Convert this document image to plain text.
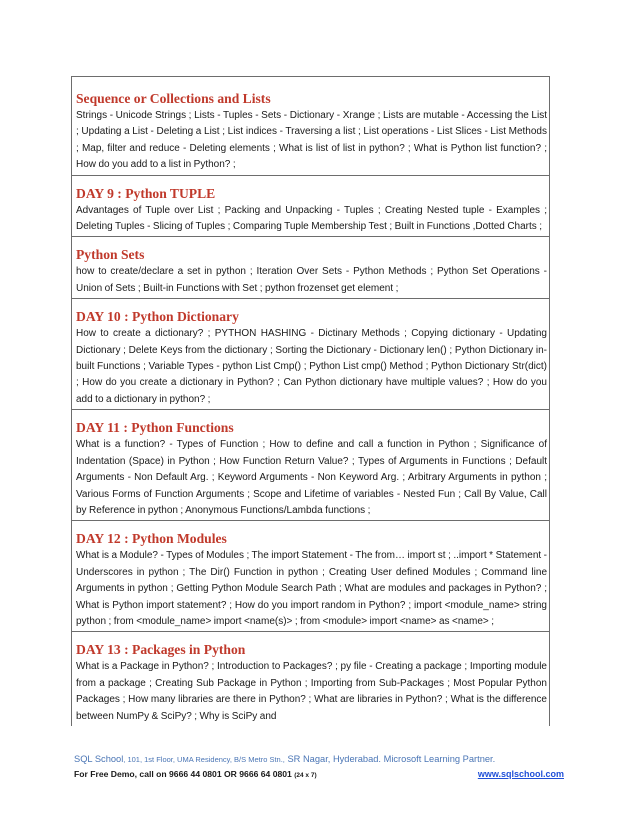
Sequence or Collections and Lists
Strings - Unicode Strings ; Lists - Tuples - Sets - Dictionary - Xrange ; Lists are mutable - Accessing the List ; Updating a List - Deleting a List ; List indices - Traversing a list ; List operations - List Slices - List Methods ; Map, filter and reduce - Deleting elements ; What is list of list in python? ; What is Python list function? ; How do you add to a list in Python? ;
DAY 9 : Python TUPLE
Advantages of Tuple over List ; Packing and Unpacking - Tuples ; Creating Nested tuple - Examples ; Deleting Tuples - Slicing of Tuples ; Comparing Tuple Membership Test ; Built in Functions ,Dotted Charts ;
Python Sets
how to create/declare a set in python ; Iteration Over Sets - Python Methods ; Python Set Operations - Union of Sets ; Built-in Functions with Set ; python frozenset get element ;
DAY 10 : Python Dictionary
How to create a dictionary? ; PYTHON HASHING - Dictinary Methods ; Copying dictionary - Updating Dictionary ; Delete Keys from the dictionary ; Sorting the Dictionary - Dictionary len() ; Python Dictionary in-built Functions ; Variable Types - python List Cmp() ; Python List cmp() Method ; Python Dictionary Str(dict) ; How do you create a dictionary in Python? ; Can Python dictionary have multiple values? ; How do you add to a dictionary in python? ;
DAY 11 : Python Functions
What is a function? - Types of Function ; How to define and call a function in Python ; Significance of Indentation (Space) in Python ; How Function Return Value? ; Types of Arguments in Functions ; Default Arguments - Non Default Arg. ; Keyword Arguments - Non Keyword Arg. ; Arbitrary Arguments in python ; Various Forms of Function Arguments ; Scope and Lifetime of variables - Nested Fun ; Call By Value, Call by Reference in python ; Anonymous Functions/Lambda functions ;
DAY 12 : Python Modules
What is a Module? - Types of Modules ; The import Statement - The from… import st ; ..import * Statement - Underscores in python ; The Dir() Function in python ; Creating User defined Modules ; Command line Arguments in python ; Getting Python Module Search Path ; What are modules and packages in Python? ; What is Python import statement? ; How do you import random in Python? ; import <module_name> string python ; from <module_name> import <name(s)> ; from <module> import <name> as <name> ;
DAY 13 : Packages in Python
What is a Package in Python? ; Introduction to Packages? ; py file - Creating a package ; Importing module from a package ; Creating Sub Package in Python ; Importing from Sub-Packages ; Most Popular Python Packages ; How many libraries are there in Python? ; What are libraries in Python? ; What is the difference between NumPy & SciPy? ; Why is SciPy and
SQL School, 101, 1st Floor, UMA Residency, B/S Metro Stn., SR Nagar, Hyderabad. Microsoft Learning Partner.
For Free Demo, call on 9666 44 0801 OR 9666 64 0801 (24 x 7)	www.sqlschool.com
